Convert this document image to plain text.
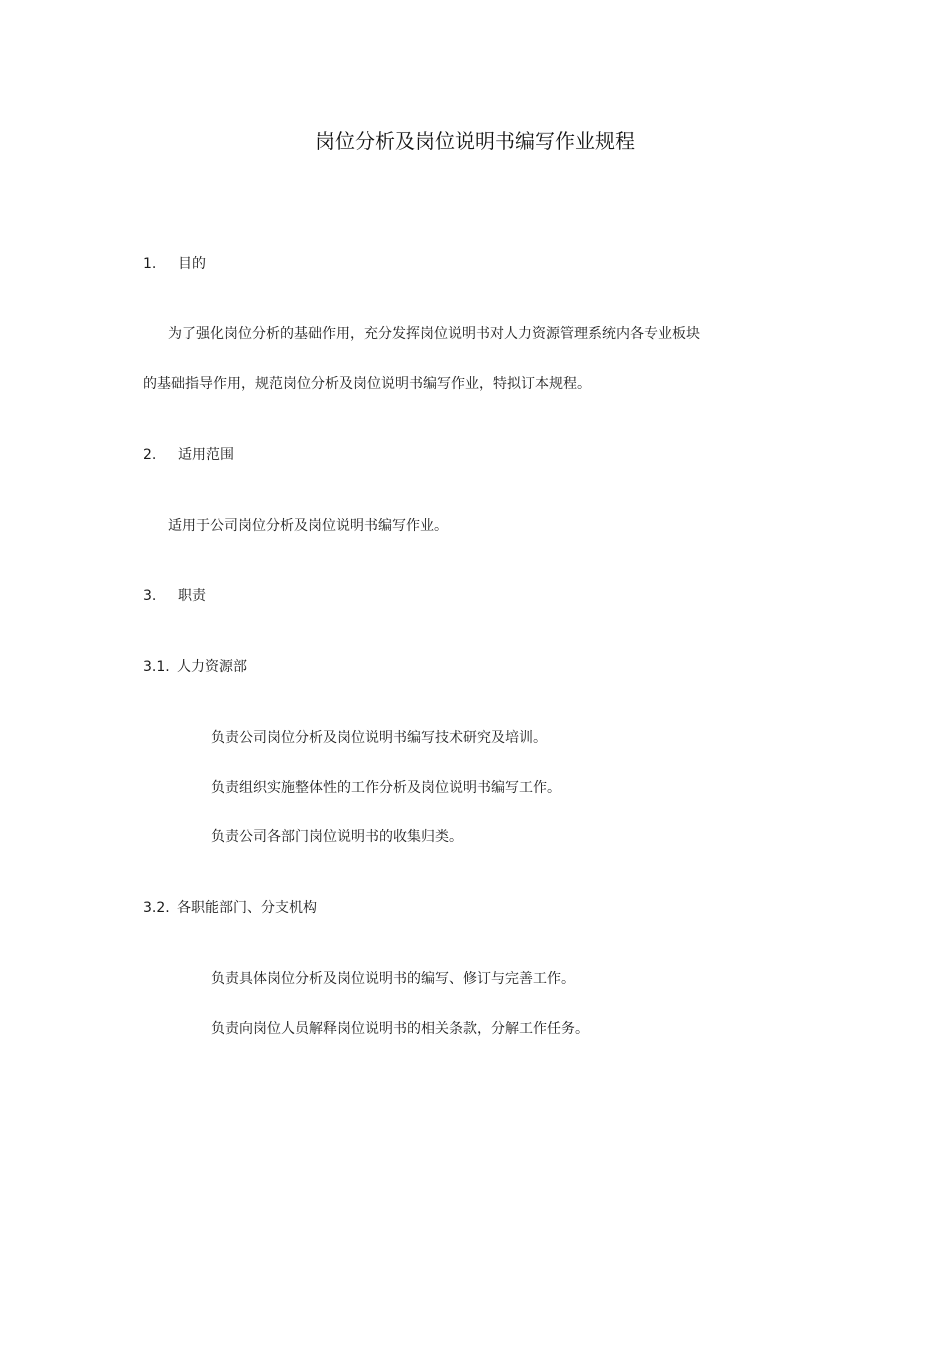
岗位分析及岗位说明书编写作业规程
1. 目的
为了强化岗位分析的基础作用，充分发挥岗位说明书对人力资源管理系统内各专业板块
的基础指导作用，规范岗位分析及岗位说明书编写作业，特拟订本规程。
2. 适用范围
适用于公司岗位分析及岗位说明书编写作业。
3. 职责
3.1. 人力资源部
负责公司岗位分析及岗位说明书编写技术研究及培训。
负责组织实施整体性的工作分析及岗位说明书编写工作。
负责公司各部门岗位说明书的收集归类。
3.2. 各职能部门、分支机构
负责具体岗位分析及岗位说明书的编写、修订与完善工作。
负责向岗位人员解释岗位说明书的相关条款，分解工作任务。
